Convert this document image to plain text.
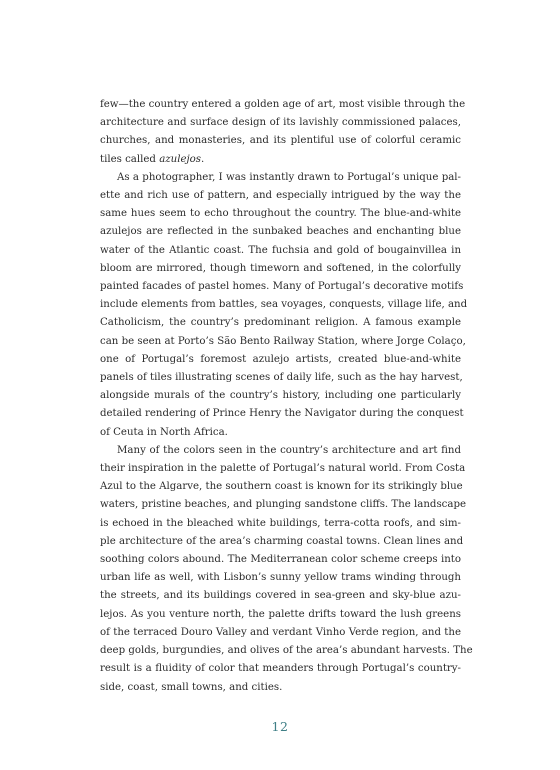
few—the country entered a golden age of art, most visible through the
architecture and surface design of its lavishly commissioned palaces,
churches, and monasteries, and its plentiful use of colorful ceramic
tiles called azulejos.
As a photographer, I was instantly drawn to Portugal’s unique pal-
ette and rich use of pattern, and especially intrigued by the way the
same hues seem to echo throughout the country. The blue-and-white
azulejos are reflected in the sunbaked beaches and enchanting blue
water of the Atlantic coast. The fuchsia and gold of bougainvillea in
bloom are mirrored, though timeworn and softened, in the colorfully
painted facades of pastel homes. Many of Portugal’s decorative motifs
include elements from battles, sea voyages, conquests, village life, and
Catholicism, the country’s predominant religion. A famous example
can be seen at Porto’s São Bento Railway Station, where Jorge Colaço,
one of Portugal’s foremost azulejo artists, created blue-and-white
panels of tiles illustrating scenes of daily life, such as the hay harvest,
alongside murals of the country’s history, including one particularly
detailed rendering of Prince Henry the Navigator during the conquest
of Ceuta in North Africa.
Many of the colors seen in the country’s architecture and art find
their inspiration in the palette of Portugal’s natural world. From Costa
Azul to the Algarve, the southern coast is known for its strikingly blue
waters, pristine beaches, and plunging sandstone cliffs. The landscape
is echoed in the bleached white buildings, terra-cotta roofs, and sim-
ple architecture of the area’s charming coastal towns. Clean lines and
soothing colors abound. The Mediterranean color scheme creeps into
urban life as well, with Lisbon’s sunny yellow trams winding through
the streets, and its buildings covered in sea-green and sky-blue azu-
lejos. As you venture north, the palette drifts toward the lush greens
of the terraced Douro Valley and verdant Vinho Verde region, and the
deep golds, burgundies, and olives of the area’s abundant harvests. The
result is a fluidity of color that meanders through Portugal’s country-
side, coast, small towns, and cities.
12
